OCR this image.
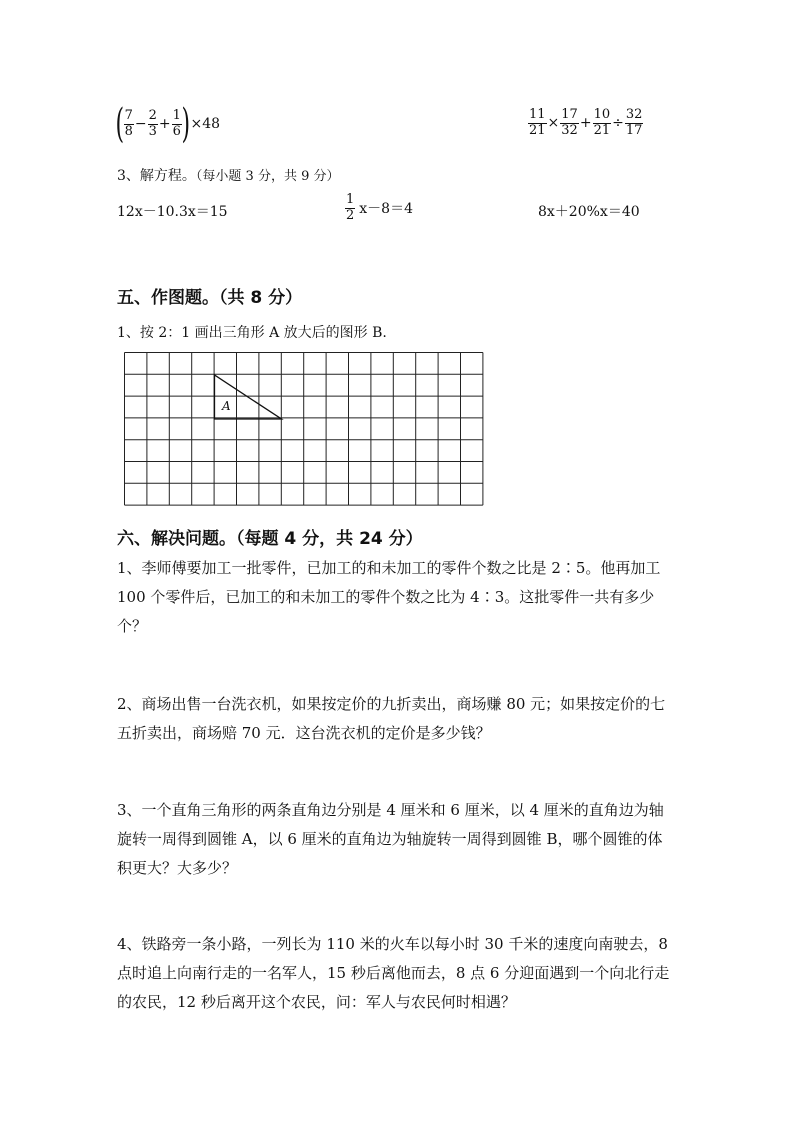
( $\frac{7}{8} - \frac{2}{3} + \frac{1}{6}$ ) ×48	$\frac{11}{21} \times \frac{17}{32} + \frac{10}{21} \div \frac{32}{17}$
3、解方程。（每小题 3 分，共 9 分）
12x－10.3x＝15	$\frac{1}{2} x-8=4$	8x＋20%x＝40
五、作图题。（共 8 分）
1、按 2：1 画出三角形 A 放大后的图形 B.
A
六、解决问题。（每题 4 分，共 24 分）
1、李师傅要加工一批零件，已加工的和未加工的零件个数之比是 2∶5。他再加工 100 个零件后，已加工的和未加工的零件个数之比为 4∶3。这批零件一共有多少个？
2、商场出售一台洗衣机，如果按定价的九折卖出，商场赚 80 元；如果按定价的七五折卖出，商场赔 70 元．这台洗衣机的定价是多少钱？
3、一个直角三角形的两条直角边分别是 4 厘米和 6 厘米，以 4 厘米的直角边为轴旋转一周得到圆锥 A，以 6 厘米的直角边为轴旋转一周得到圆锥 B，哪个圆锥的体积更大？大多少？
4、铁路旁一条小路，一列长为 110 米的火车以每小时 30 千米的速度向南驶去，8 点时追上向南行走的一名军人，15 秒后离他而去，8 点 6 分迎面遇到一个向北行走的农民，12 秒后离开这个农民，问：军人与农民何时相遇？
